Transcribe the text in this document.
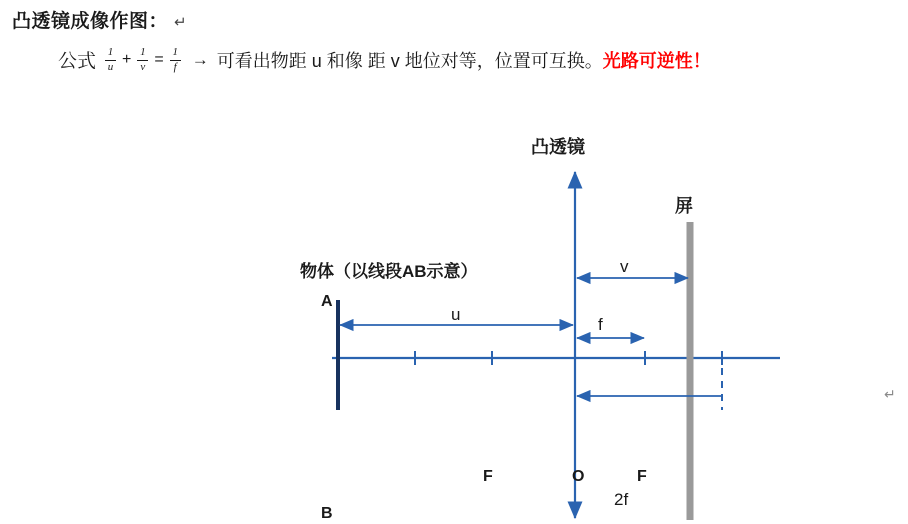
凸透镜成像作图： ↵
公式 $\frac{1}{u} + \frac{1}{v} = \frac{1}{f}$ → 可看出物距 u 和像 距 v 地位对等，位置可互换。 光路可逆性！
凸透镜
屏
物体（以线段AB示意）
A
B
O
F	F
u
v
f
2f
↵
